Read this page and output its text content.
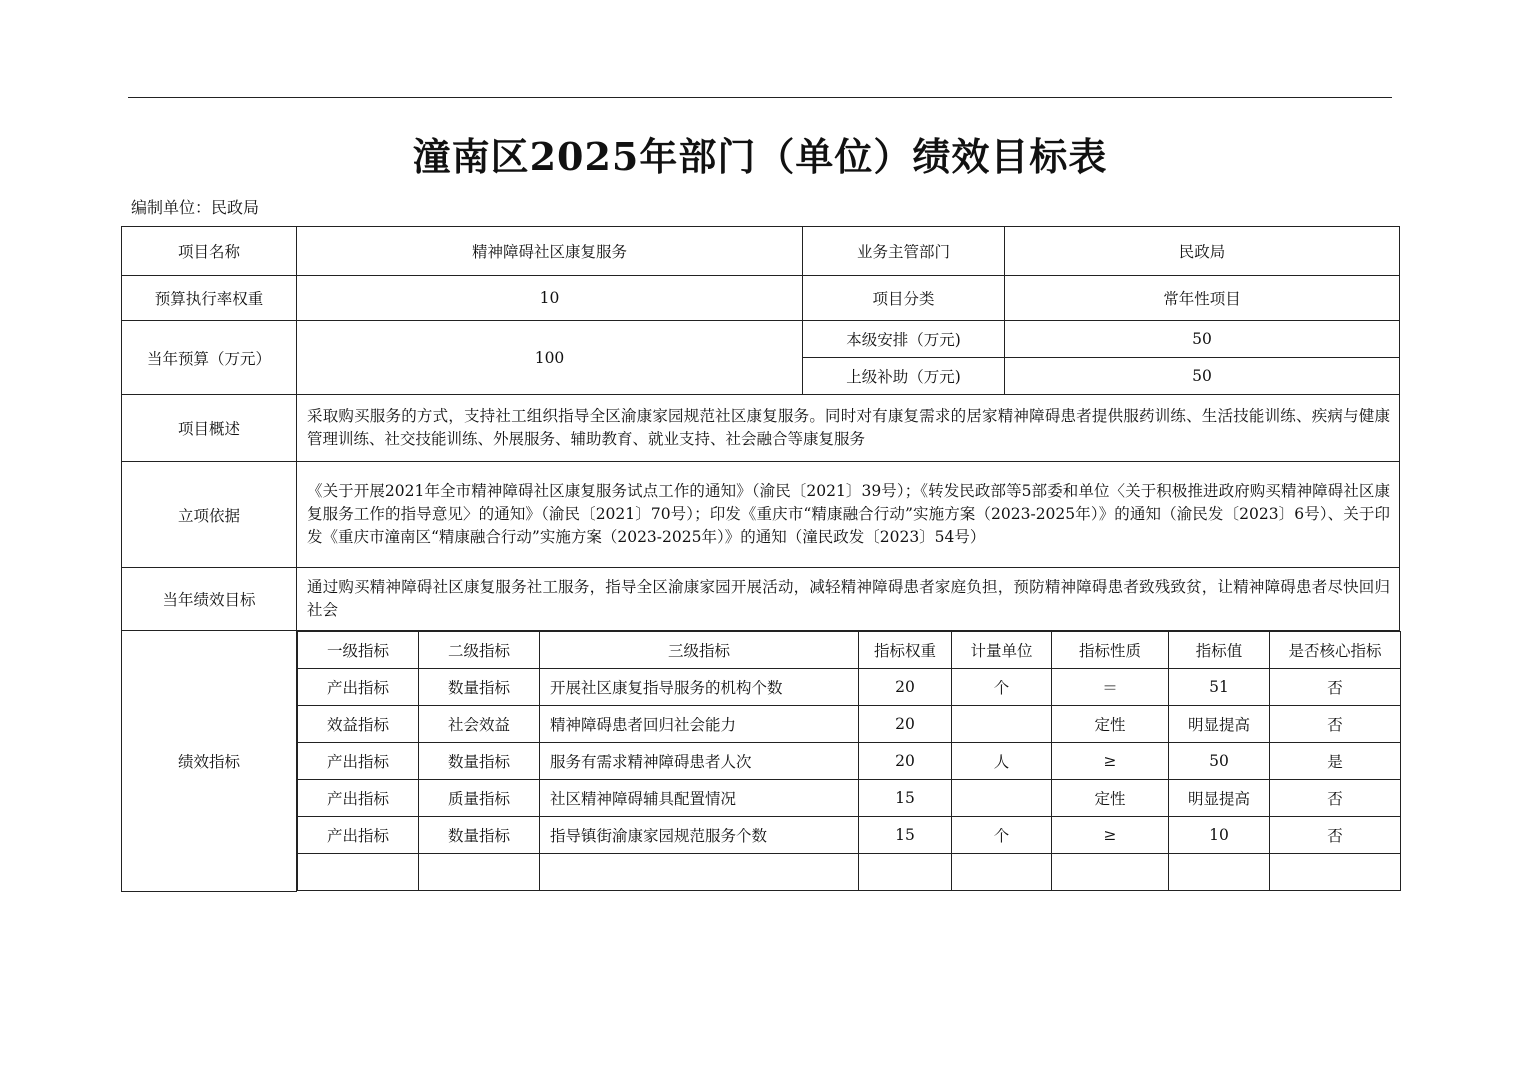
潼南区2025年部门（单位）绩效目标表
编制单位：民政局
项目名称	精神障碍社区康复服务	业务主管部门	民政局
预算执行率权重	10	项目分类	常年性项目
当年预算（万元）	100	本级安排（万元)	50
上级补助（万元)	50
项目概述	采取购买服务的方式，支持社工组织指导全区渝康家园规范社区康复服务。同时对有康复需求的居家精神障碍患者提供服药训练、生活技能训练、疾病与健康管理训练、社交技能训练、外展服务、辅助教育、就业支持、社会融合等康复服务
立项依据	《关于开展2021年全市精神障碍社区康复服务试点工作的通知》（渝民〔2021〕39号）；《转发民政部等5部委和单位〈关于积极推进政府购买精神障碍社区康复服务工作的指导意见〉的通知》（渝民〔2021〕70号）；印发《重庆市“精康融合行动”实施方案（2023-2025年）》的通知（渝民发〔2023〕6号）、关于印发《重庆市潼南区“精康融合行动”实施方案（2023-2025年）》的通知（潼民政发〔2023〕54号）
当年绩效目标	通过购买精神障碍社区康复服务社工服务，指导全区渝康家园开展活动，减轻精神障碍患者家庭负担，预防精神障碍患者致残致贫，让精神障碍患者尽快回归社会
绩效指标	
一级指标	二级指标	三级指标	指标权重	计量单位	指标性质	指标值	是否核心指标
产出指标	数量指标	开展社区康复指导服务的机构个数	20	个	＝	51	否
效益指标	社会效益	精神障碍患者回归社会能力	20		定性	明显提高	否
产出指标	数量指标	服务有需求精神障碍患者人次	20	人	≥	50	是
产出指标	质量指标	社区精神障碍辅具配置情况	15		定性	明显提高	否
产出指标	数量指标	指导镇街渝康家园规范服务个数	15	个	≥	10	否
